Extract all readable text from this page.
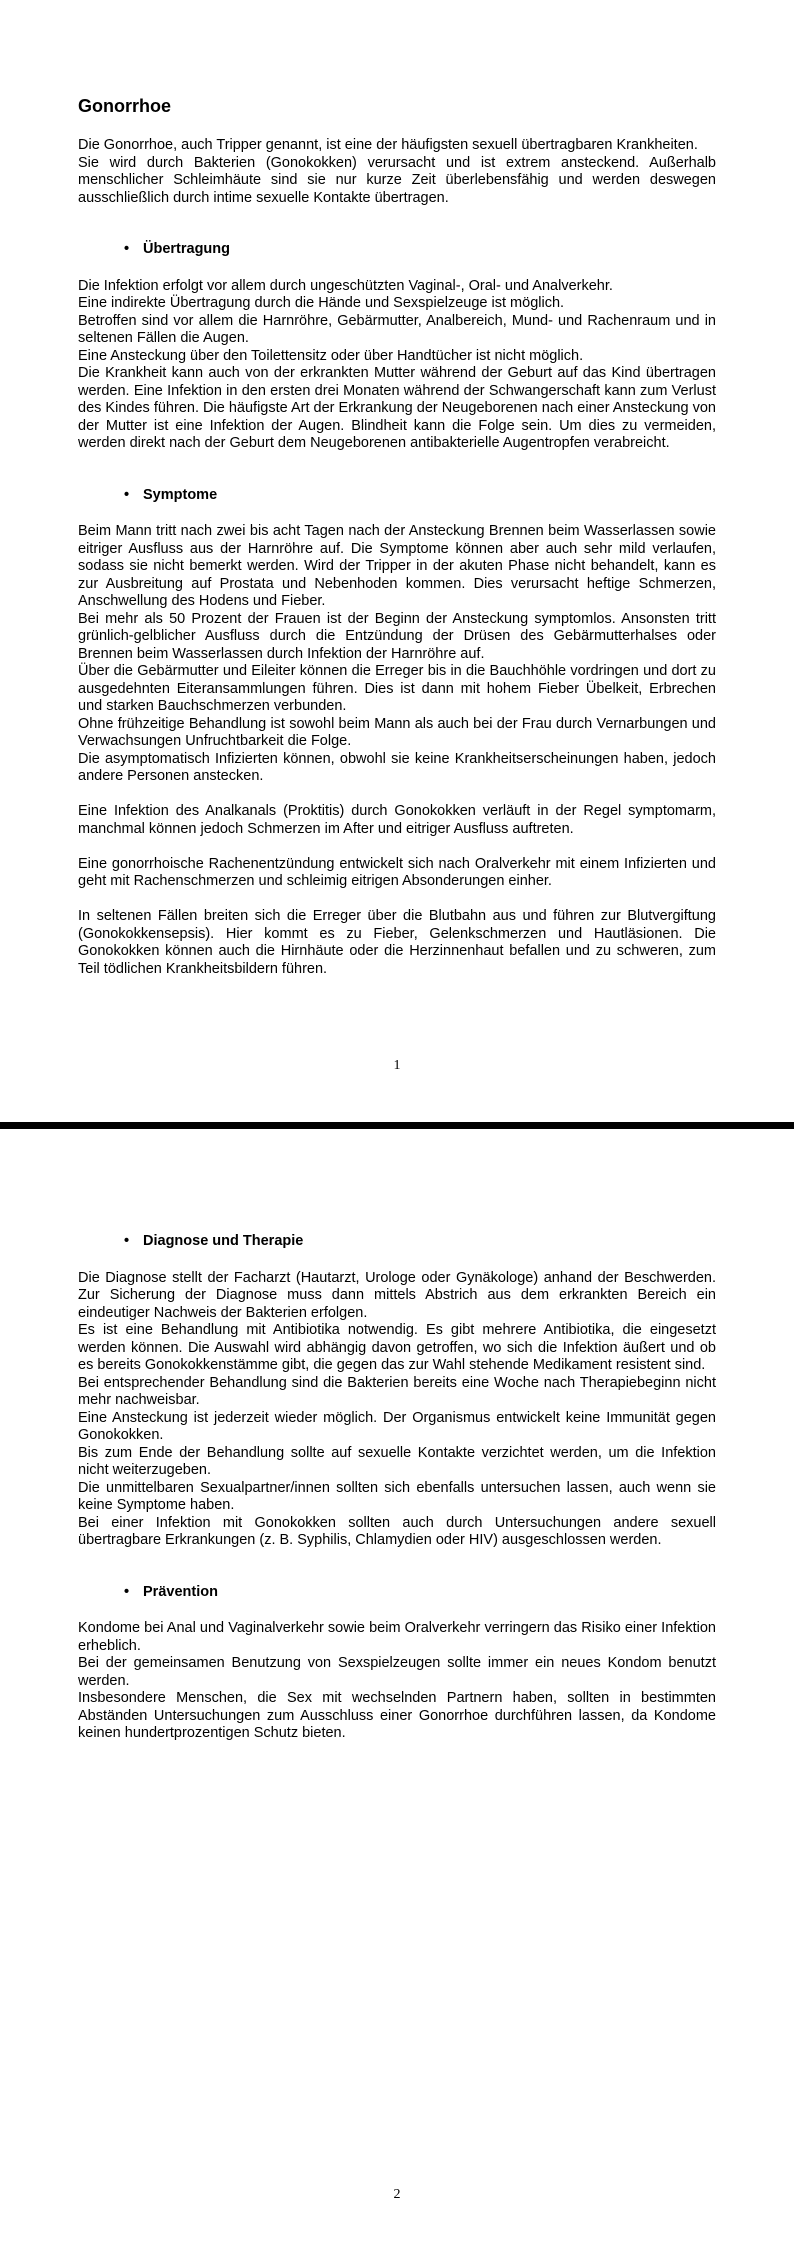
Gonorrhoe

Die Gonorrhoe, auch Tripper genannt, ist eine der häufigsten sexuell übertragbaren Krankheiten.

Sie wird durch Bakterien (Gonokokken) verursacht und ist extrem ansteckend. Außerhalb menschlicher Schleimhäute sind sie nur kurze Zeit überlebensfähig und werden deswegen ausschließlich durch intime sexuelle Kontakte übertragen.

• Übertragung

Die Infektion erfolgt vor allem durch ungeschützten Vaginal-, Oral- und Analverkehr.

Eine indirekte Übertragung durch die Hände und Sexspielzeuge ist möglich.

Betroffen sind vor allem die Harnröhre, Gebärmutter, Analbereich, Mund- und Rachenraum und in seltenen Fällen die Augen.

Eine Ansteckung über den Toilettensitz oder über Handtücher ist nicht möglich.

Die Krankheit kann auch von der erkrankten Mutter während der Geburt auf das Kind übertragen werden. Eine Infektion in den ersten drei Monaten während der Schwangerschaft kann zum Verlust des Kindes führen. Die häufigste Art der Erkrankung der Neugeborenen nach einer Ansteckung von der Mutter ist eine Infektion der Augen. Blindheit kann die Folge sein. Um dies zu vermeiden, werden direkt nach der Geburt dem Neugeborenen antibakterielle Augentropfen verabreicht.

• Symptome

Beim Mann tritt nach zwei bis acht Tagen nach der Ansteckung Brennen beim Wasserlassen sowie eitriger Ausfluss aus der Harnröhre auf. Die Symptome können aber auch sehr mild verlaufen, sodass sie nicht bemerkt werden. Wird der Tripper in der akuten Phase nicht behandelt, kann es zur Ausbreitung auf Prostata und Nebenhoden kommen. Dies verursacht heftige Schmerzen, Anschwellung des Hodens und Fieber.

Bei mehr als 50 Prozent der Frauen ist der Beginn der Ansteckung symptomlos. Ansonsten tritt grünlich-gelblicher Ausfluss durch die Entzündung der Drüsen des Gebärmutterhalses oder Brennen beim Wasserlassen durch Infektion der Harnröhre auf.

Über die Gebärmutter und Eileiter können die Erreger bis in die Bauchhöhle vordringen und dort zu ausgedehnten Eiteransammlungen führen. Dies ist dann mit hohem Fieber Übelkeit, Erbrechen und starken Bauchschmerzen verbunden.

Ohne frühzeitige Behandlung ist sowohl beim Mann als auch bei der Frau durch Vernarbungen und Verwachsungen Unfruchtbarkeit die Folge.

Die asymptomatisch Infizierten können, obwohl sie keine Krankheitserscheinungen haben, jedoch andere Personen anstecken.

Eine Infektion des Analkanals (Proktitis) durch Gonokokken verläuft in der Regel symptomarm, manchmal können jedoch Schmerzen im After und eitriger Ausfluss auftreten.

Eine gonorrhoische Rachenentzündung entwickelt sich nach Oralverkehr mit einem Infizierten und geht mit Rachenschmerzen und schleimig eitrigen Absonderungen einher.

In seltenen Fällen breiten sich die Erreger über die Blutbahn aus und führen zur Blutvergiftung (Gonokokkensepsis). Hier kommt es zu Fieber, Gelenkschmerzen und Hautläsionen. Die Gonokokken können auch die Hirnhäute oder die Herzinnenhaut befallen und zu schweren, zum Teil tödlichen Krankheitsbildern führen.

1
• Diagnose und Therapie

Die Diagnose stellt der Facharzt (Hautarzt, Urologe oder Gynäkologe) anhand der Beschwerden. Zur Sicherung der Diagnose muss dann mittels Abstrich aus dem erkrankten Bereich ein eindeutiger Nachweis der Bakterien erfolgen.

Es ist eine Behandlung mit Antibiotika notwendig. Es gibt mehrere Antibiotika, die eingesetzt werden können. Die Auswahl wird abhängig davon getroffen, wo sich die Infektion äußert und ob es bereits Gonokokkenstämme gibt, die gegen das zur Wahl stehende Medikament resistent sind.

Bei entsprechender Behandlung sind die Bakterien bereits eine Woche nach Therapiebeginn nicht mehr nachweisbar.

Eine Ansteckung ist jederzeit wieder möglich. Der Organismus entwickelt keine Immunität gegen Gonokokken.

Bis zum Ende der Behandlung sollte auf sexuelle Kontakte verzichtet werden, um die Infektion nicht weiterzugeben.

Die unmittelbaren Sexualpartner/innen sollten sich ebenfalls untersuchen lassen, auch wenn sie keine Symptome haben.

Bei einer Infektion mit Gonokokken sollten auch durch Untersuchungen andere sexuell übertragbare Erkrankungen (z. B. Syphilis, Chlamydien oder HIV) ausgeschlossen werden.

• Prävention

Kondome bei Anal und Vaginalverkehr sowie beim Oralverkehr verringern das Risiko einer Infektion erheblich.

Bei der gemeinsamen Benutzung von Sexspielzeugen sollte immer ein neues Kondom benutzt werden.

Insbesondere Menschen, die Sex mit wechselnden Partnern haben, sollten in bestimmten Abständen Untersuchungen zum Ausschluss einer Gonorrhoe durchführen lassen, da Kondome keinen hundertprozentigen Schutz bieten.

2
